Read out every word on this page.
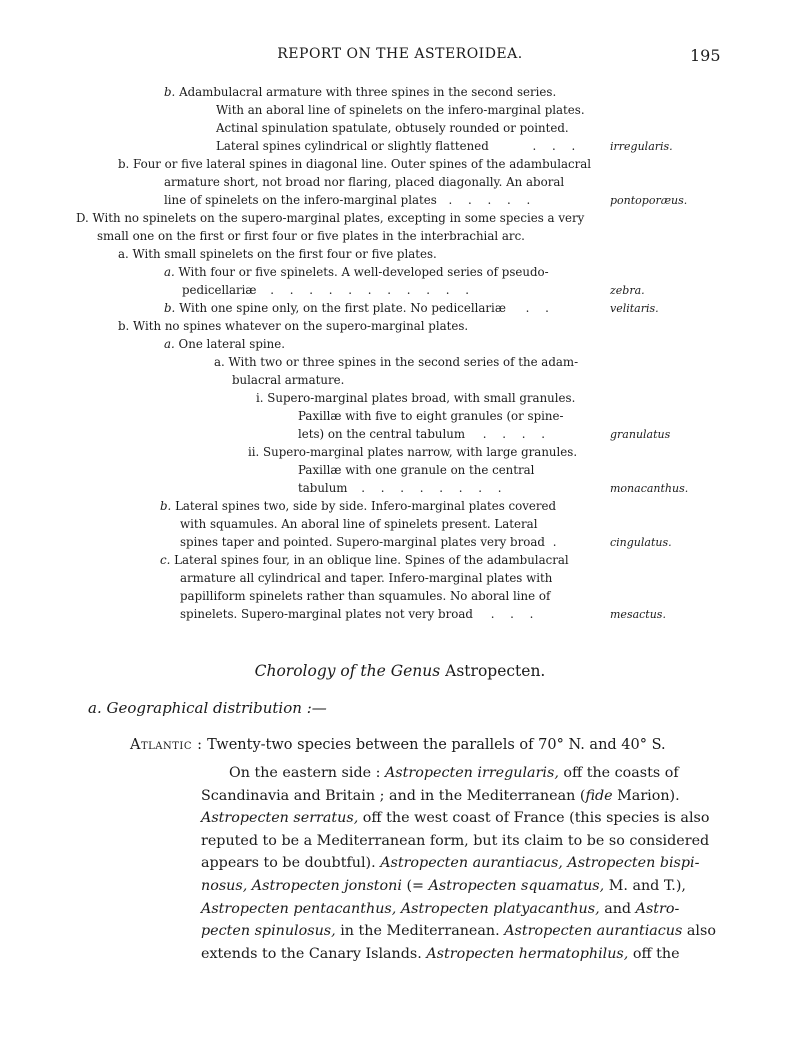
REPORT ON THE ASTEROIDEA.	195
b. Adambulacral armature with three spines in the second series.
With an aboral line of spinelets on the infero-marginal plates.
Actinal spinulation spatulate, obtusely rounded or pointed.
Lateral spines cylindrical or slightly flattened	. . .	irregularis.
b. Four or five lateral spines in diagonal line. Outer spines of the adambulacral
armature short, not broad nor flaring, placed diagonally. An aboral
line of spinelets on the infero-marginal plates . . . . .	pontoporæus.
D. With no spinelets on the supero-marginal plates, excepting in some species a very
small one on the first or first four or five plates in the interbrachial arc.
a. With small spinelets on the first four or five plates.
a. With four or five spinelets. A well-developed series of pseudo-
pedicellariæ . . . . . . . . . . .	zebra.
b. With one spine only, on the first plate. No pedicellariæ . .	velitaris.
b. With no spines whatever on the supero-marginal plates.
a. One lateral spine.
a. With two or three spines in the second series of the adam-
bulacral armature.
i. Supero-marginal plates broad, with small granules.
Paxillæ with five to eight granules (or spine-
lets) on the central tabulum . . . .	granulatus
ii. Supero-marginal plates narrow, with large granules.
Paxillæ with one granule on the central
tabulum . . . . . . . .	monacanthus.
b. Lateral spines two, side by side. Infero-marginal plates covered
with squamules. An aboral line of spinelets present. Lateral
spines taper and pointed. Supero-marginal plates very broad .	cingulatus.
c. Lateral spines four, in an oblique line. Spines of the adambulacral
armature all cylindrical and taper. Infero-marginal plates with
papilliform spinelets rather than squamules. No aboral line of
spinelets. Supero-marginal plates not very broad . . .	mesactus.
Chorology of the Genus Astropecten.
a. Geographical distribution :—
Atlantic : Twenty-two species between the parallels of 70° N. and 40° S.
On the eastern side : Astropecten irregularis, off the coasts of
Scandinavia and Britain ; and in the Mediterranean (fide Marion).
Astropecten serratus, off the west coast of France (this species is also
reputed to be a Mediterranean form, but its claim to be so considered
appears to be doubtful). Astropecten aurantiacus, Astropecten bispi-
nosus, Astropecten jonstoni (= Astropecten squamatus, M. and T.),
Astropecten pentacanthus, Astropecten platyacanthus, and Astro-
pecten spinulosus, in the Mediterranean. Astropecten aurantiacus also
extends to the Canary Islands. Astropecten hermatophilus, off the
